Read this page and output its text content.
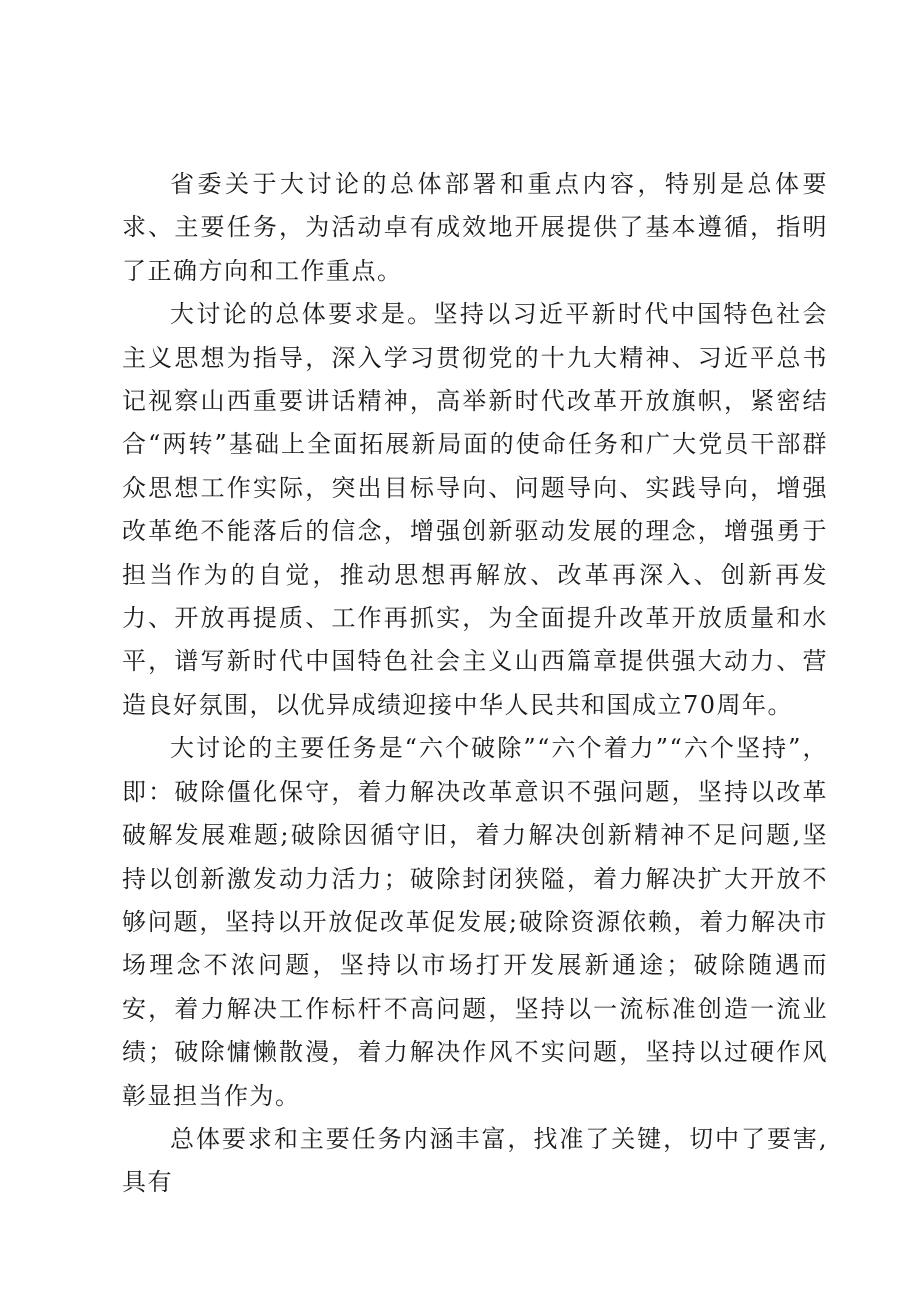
省委关于大讨论的总体部署和重点内容，特别是总体要求、主要任务，为活动卓有成效地开展提供了基本遵循，指明了正确方向和工作重点。

大讨论的总体要求是。坚持以习近平新时代中国特色社会主义思想为指导，深入学习贯彻党的十九大精神、习近平总书记视察山西重要讲话精神，高举新时代改革开放旗帜，紧密结合“两转”基础上全面拓展新局面的使命任务和广大党员干部群众思想工作实际，突出目标导向、问题导向、实践导向，增强改革绝不能落后的信念，增强创新驱动发展的理念，增强勇于担当作为的自觉，推动思想再解放、改革再深入、创新再发力、开放再提质、工作再抓实，为全面提升改革开放质量和水平，谱写新时代中国特色社会主义山西篇章提供强大动力、营造良好氛围，以优异成绩迎接中华人民共和国成立70周年。

大讨论的主要任务是“六个破除”“六个着力”“六个坚持”，即：破除僵化保守，着力解决改革意识不强问题，坚持以改革破解发展难题;破除因循守旧，着力解决创新精神不足问题,坚持以创新激发动力活力；破除封闭狭隘，着力解决扩大开放不够问题，坚持以开放促改革促发展;破除资源依赖，着力解决市场理念不浓问题，坚持以市场打开发展新通途；破除随遇而安，着力解决工作标杆不高问题，坚持以一流标准创造一流业绩；破除慵懒散漫，着力解决作风不实问题，坚持以过硬作风彰显担当作为。

总体要求和主要任务内涵丰富，找准了关键，切中了要害,具有
